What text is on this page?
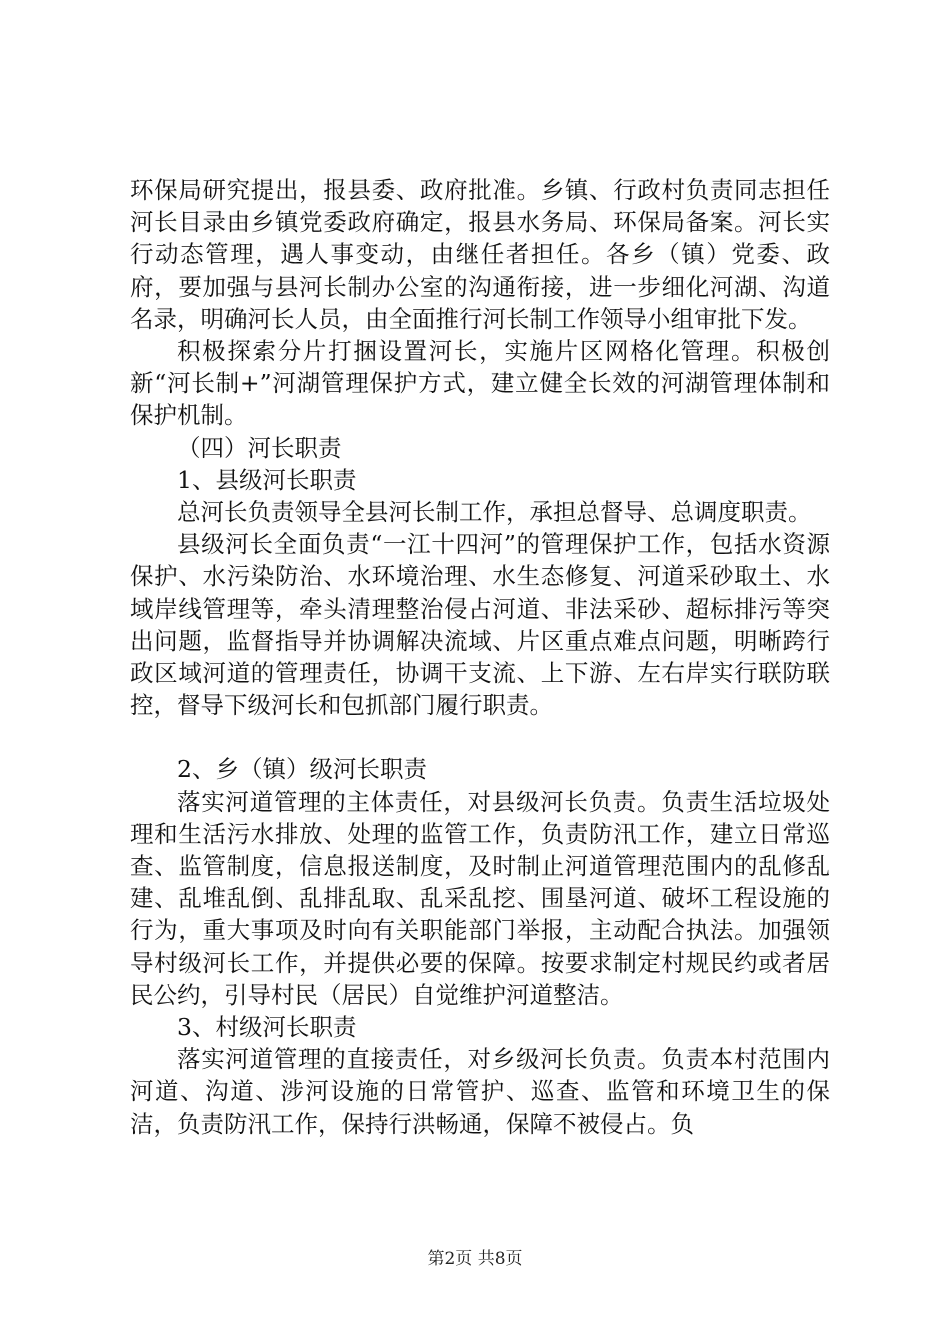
环保局研究提出，报县委、政府批准。乡镇、行政村负责同志担任河长目录由乡镇党委政府确定，报县水务局、环保局备案。河长实行动态管理，遇人事变动，由继任者担任。各乡（镇）党委、政府，要加强与县河长制办公室的沟通衔接，进一步细化河湖、沟道名录，明确河长人员，由全面推行河长制工作领导小组审批下发。

积极探索分片打捆设置河长，实施片区网格化管理。积极创新“河长制+”河湖管理保护方式，建立健全长效的河湖管理体制和保护机制。

（四）河长职责

1、县级河长职责

总河长负责领导全县河长制工作，承担总督导、总调度职责。

县级河长全面负责“一江十四河”的管理保护工作，包括水资源保护、水污染防治、水环境治理、水生态修复、河道采砂取土、水域岸线管理等，牵头清理整治侵占河道、非法采砂、超标排污等突出问题，监督指导并协调解决流域、片区重点难点问题，明晰跨行政区域河道的管理责任，协调干支流、上下游、左右岸实行联防联控，督导下级河长和包抓部门履行职责。

2、乡（镇）级河长职责

落实河道管理的主体责任，对县级河长负责。负责生活垃圾处理和生活污水排放、处理的监管工作，负责防汛工作，建立日常巡查、监管制度，信息报送制度，及时制止河道管理范围内的乱修乱建、乱堆乱倒、乱排乱取、乱采乱挖、围垦河道、破坏工程设施的行为，重大事项及时向有关职能部门举报，主动配合执法。加强领导村级河长工作，并提供必要的保障。按要求制定村规民约或者居民公约，引导村民（居民）自觉维护河道整洁。

3、村级河长职责

落实河道管理的直接责任，对乡级河长负责。负责本村范围内河道、沟道、涉河设施的日常管护、巡查、监管和环境卫生的保洁，负责防汛工作，保持行洪畅通，保障不被侵占。负

第2页 共8页
